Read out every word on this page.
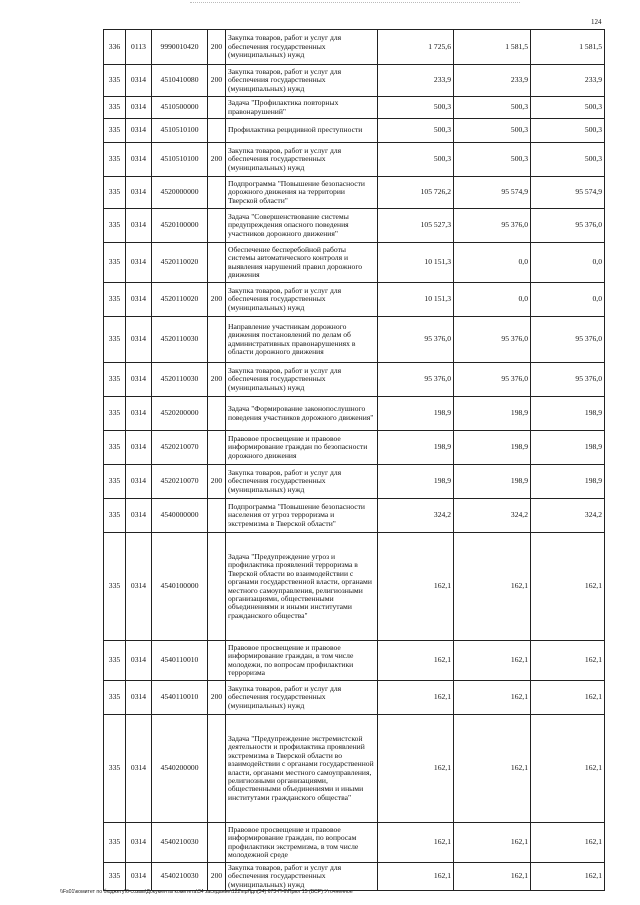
124
336	0113	9990010420	200	Закупка товаров, работ и услуг для обеспечения государственных (муниципальных) нужд	1 725,6	1 581,5	1 581,5
335	0314	4510410080	200	Закупка товаров, работ и услуг для обеспечения государственных (муниципальных) нужд	233,9	233,9	233,9
335	0314	4510500000		Задача "Профилактика повторных правонарушений"	500,3	500,3	500,3
335	0314	4510510100		Профилактика рецидивной преступности	500,3	500,3	500,3
335	0314	4510510100	200	Закупка товаров, работ и услуг для обеспечения государственных (муниципальных) нужд	500,3	500,3	500,3
335	0314	4520000000		Подпрограмма "Повышение безопасности дорожного движения на территории Тверской области"	105 726,2	95 574,9	95 574,9
335	0314	4520100000		Задача "Совершенствование системы предупреждения опасного поведения участников дорожного движения"	105 527,3	95 376,0	95 376,0
335	0314	4520110020		Обеспечение бесперебойной работы системы автоматического контроля и выявления нарушений правил дорожного движения	10 151,3	0,0	0,0
335	0314	4520110020	200	Закупка товаров, работ и услуг для обеспечения государственных (муниципальных) нужд	10 151,3	0,0	0,0
335	0314	4520110030		Направление участникам дорожного движения постановлений по делам об административных правонарушениях в области дорожного движения	95 376,0	95 376,0	95 376,0
335	0314	4520110030	200	Закупка товаров, работ и услуг для обеспечения государственных (муниципальных) нужд	95 376,0	95 376,0	95 376,0
335	0314	4520200000		Задача "Формирование законопослушного поведения участников дорожного движения"	198,9	198,9	198,9
335	0314	4520210070		Правовое просвещение и правовое информирование граждан по безопасности дорожного движения	198,9	198,9	198,9
335	0314	4520210070	200	Закупка товаров, работ и услуг для обеспечения государственных (муниципальных) нужд	198,9	198,9	198,9
335	0314	4540000000		Подпрограмма "Повышение безопасности населения от угроз терроризма и экстремизма в Тверской области"	324,2	324,2	324,2
335	0314	4540100000		Задача "Предупреждение угроз и профилактика проявлений терроризма в Тверской области во взаимодействии с органами государственной власти, органами местного самоуправления, религиозными организациями, общественными объединениями и иными институтами гражданского общества"	162,1	162,1	162,1
335	0314	4540110010		Правовое просвещение и правовое информирование граждан, в том числе молодежи, по вопросам профилактики терроризма	162,1	162,1	162,1
335	0314	4540110010	200	Закупка товаров, работ и услуг для обеспечения государственных (муниципальных) нужд	162,1	162,1	162,1
335	0314	4540200000		Задача "Предупреждение экстремистской деятельности и профилактика проявлений экстремизма в Тверской области во взаимодействии с органами государственной власти, органами местного самоуправления, религиозными организациями, общественными объединениями и иными институтами гражданского общества"	162,1	162,1	162,1
335	0314	4540210030		Правовое просвещение и правовое информирование граждан, по вопросам профилактики экстремизма, в том числе молодежной среде	162,1	162,1	162,1
335	0314	4540210030	200	Закупка товаров, работ и услуг для обеспечения государственных (муниципальных) нужд	162,1	162,1	162,1
\\Fs01\комитет по бюджету\6-созыв\Документы комитета\34 заседание\122\прЛдл(34) 673-П-6\Прил 15 (ВСР) Уточненное
